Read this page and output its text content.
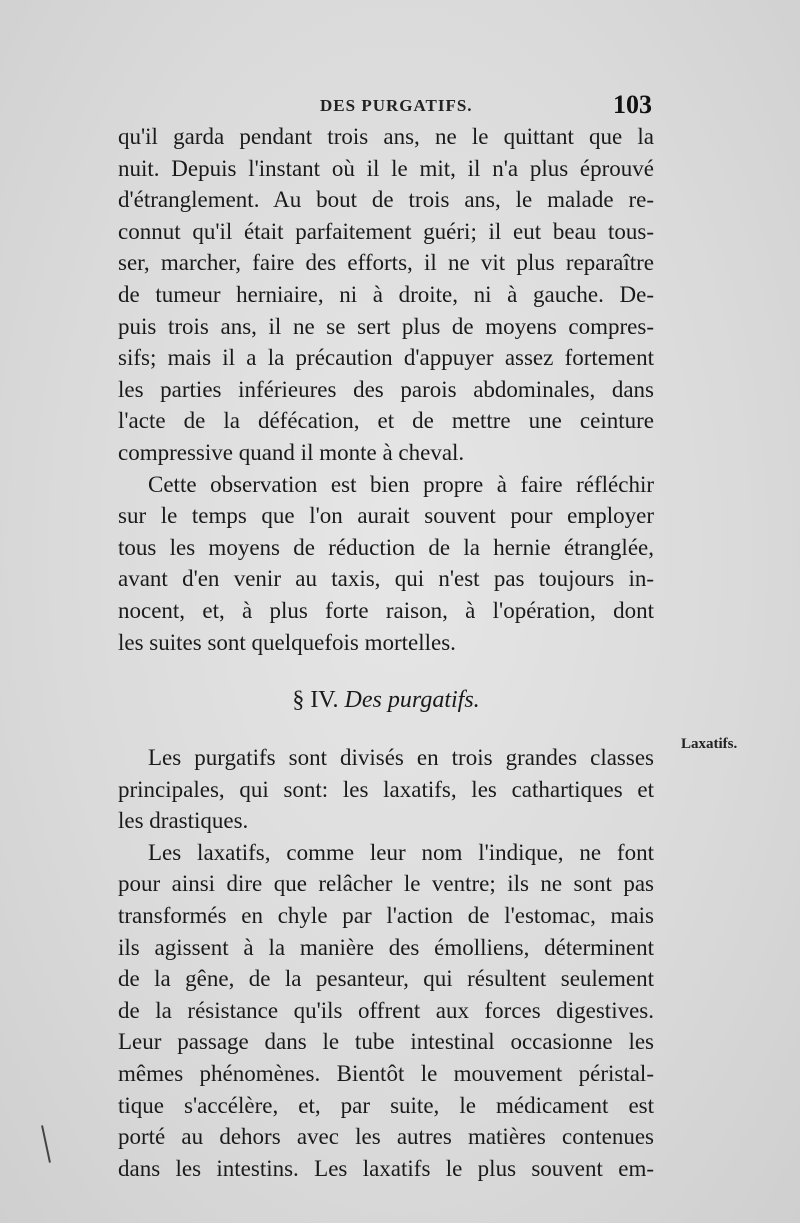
DES PURGATIFS.	103
qu'il garda pendant trois ans, ne le quittant que la
nuit. Depuis l'instant où il le mit, il n'a plus éprouvé
d'étranglement. Au bout de trois ans, le malade re-
connut qu'il était parfaitement guéri; il eut beau tous-
ser, marcher, faire des efforts, il ne vit plus reparaître
de tumeur herniaire, ni à droite, ni à gauche. De-
puis trois ans, il ne se sert plus de moyens compres-
sifs; mais il a la précaution d'appuyer assez fortement
les parties inférieures des parois abdominales, dans
l'acte de la défécation, et de mettre une ceinture
compressive quand il monte à cheval.
Cette observation est bien propre à faire réfléchir
sur le temps que l'on aurait souvent pour employer
tous les moyens de réduction de la hernie étranglée,
avant d'en venir au taxis, qui n'est pas toujours in-
nocent, et, à plus forte raison, à l'opération, dont
les suites sont quelquefois mortelles.
§ IV. Des purgatifs.
Les purgatifs sont divisés en trois grandes classes
principales, qui sont: les laxatifs, les cathartiques et
les drastiques.
Les laxatifs, comme leur nom l'indique, ne font
pour ainsi dire que relâcher le ventre; ils ne sont pas
transformés en chyle par l'action de l'estomac, mais
ils agissent à la manière des émolliens, déterminent
de la gêne, de la pesanteur, qui résultent seulement
de la résistance qu'ils offrent aux forces digestives.
Leur passage dans le tube intestinal occasionne les
mêmes phénomènes. Bientôt le mouvement péristal-
tique s'accélère, et, par suite, le médicament est
porté au dehors avec les autres matières contenues
dans les intestins. Les laxatifs le plus souvent em-
Laxatifs.
